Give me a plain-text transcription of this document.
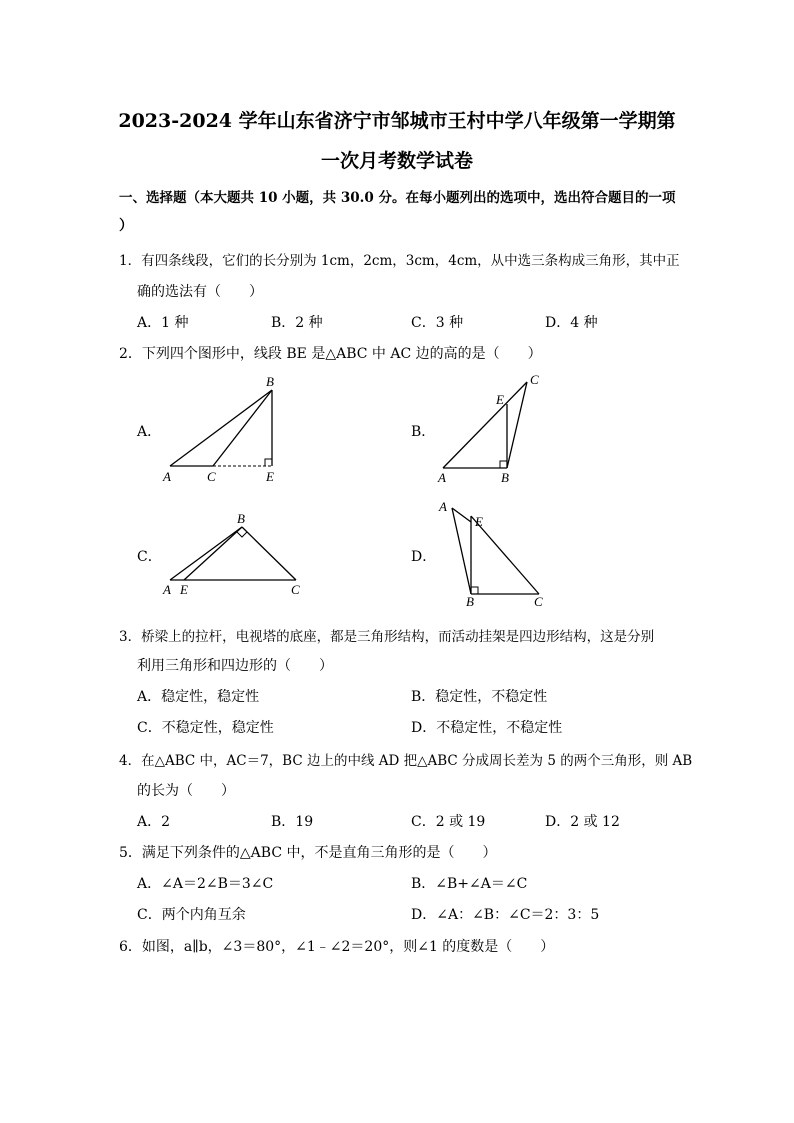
2023-2024 学年山东省济宁市邹城市王村中学八年级第一学期第
一次月考数学试卷
一、选择题（本大题共 10 小题，共 30.0 分。在每小题列出的选项中，选出符合题目的一项
）
1．有四条线段，它们的长分别为 1cm，2cm，3cm，4cm，从中选三条构成三角形，其中正
确的选法有（　　）
A．1 种	B．2 种	C．3 种	D．4 种
2．下列四个图形中，线段 BE 是△ABC 中 AC 边的高的是（　　）
A．
A	C	E
B
B．
A	B
E
C
C．
A E
B
C
D．
A
E
B	C
3．桥梁上的拉杆，电视塔的底座，都是三角形结构，而活动挂架是四边形结构，这是分别
利用三角形和四边形的（　　）
A．稳定性，稳定性	B．稳定性，不稳定性
C．不稳定性，稳定性	D．不稳定性，不稳定性
4．在△ABC 中，AC＝7，BC 边上的中线 AD 把△ABC 分成周长差为 5 的两个三角形，则 AB
的长为（　　）
A．2	B．19	C．2 或 19	D．2 或 12
5．满足下列条件的△ABC 中，不是直角三角形的是（　　）
A．∠A＝2∠B＝3∠C	B．∠B+∠A＝∠C
C．两个内角互余	D．∠A：∠B：∠C＝2：3：5
6．如图，a∥b，∠3＝80°，∠1﹣∠2＝20°，则∠1 的度数是（　　）
